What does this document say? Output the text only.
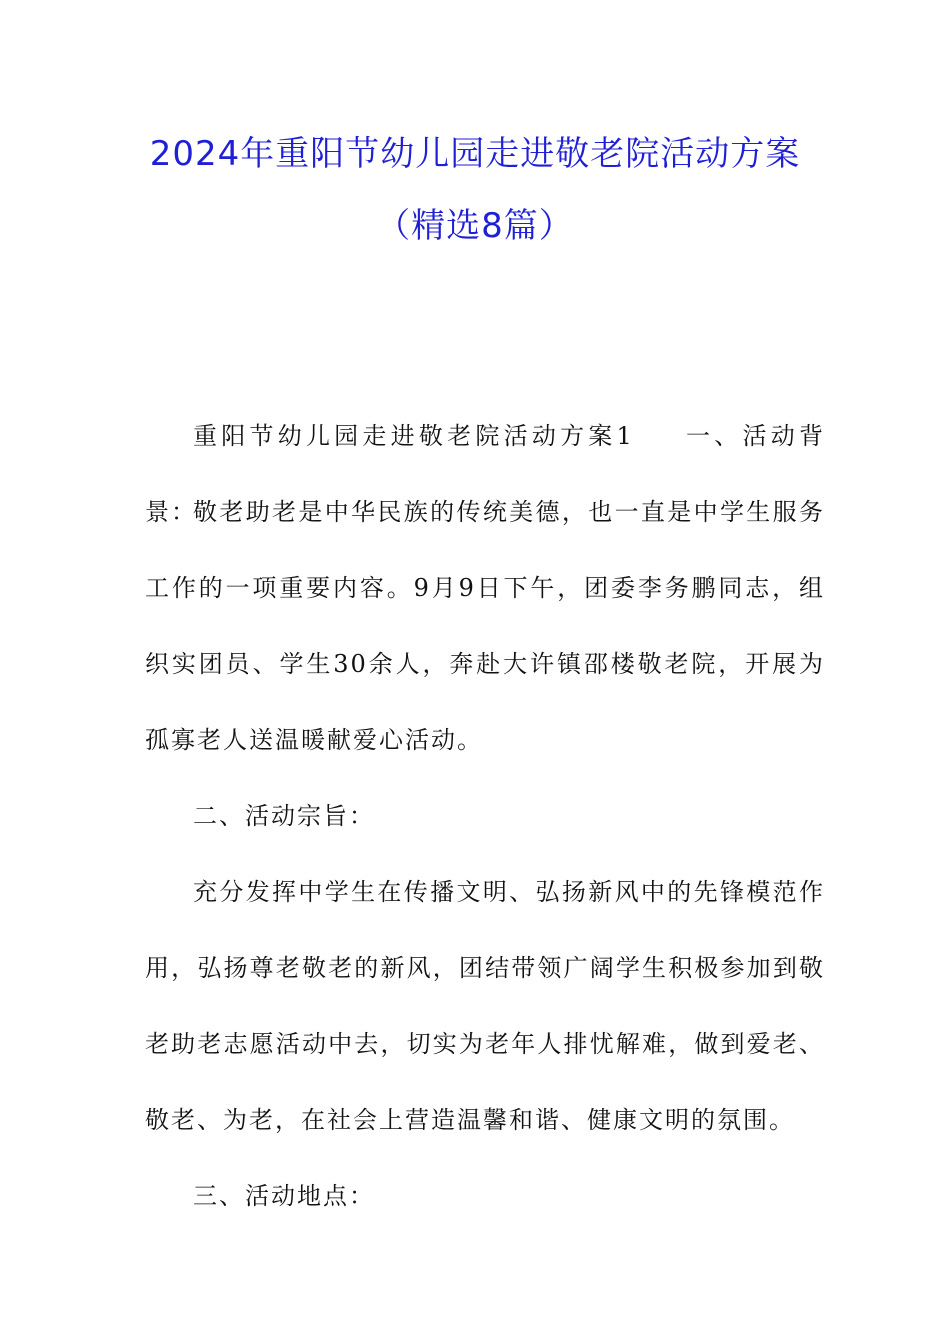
2024年重阳节幼儿园走进敬老院活动方案
（精选8篇）
重阳节幼儿园走进敬老院活动方案1 一、活动背景：
敬老助老是中华民族的传统美德，也一直是中学生服务工作的一项重要内容。9月9日下午，团委李务鹏同志，组织实团员、学生30余人，奔赴大许镇邵楼敬老院，开展为孤寡老人送温暖献爱心活动。
二、活动宗旨：
充分发挥中学生在传播文明、弘扬新风中的先锋模范作用，弘扬尊老敬老的新风，团结带领广阔学生积极参加到敬老助老志愿活动中去，切实为老年人排忧解难，做到爱老、敬老、为老，在社会上营造温馨和谐、健康文明的氛围。
三、活动地点：
